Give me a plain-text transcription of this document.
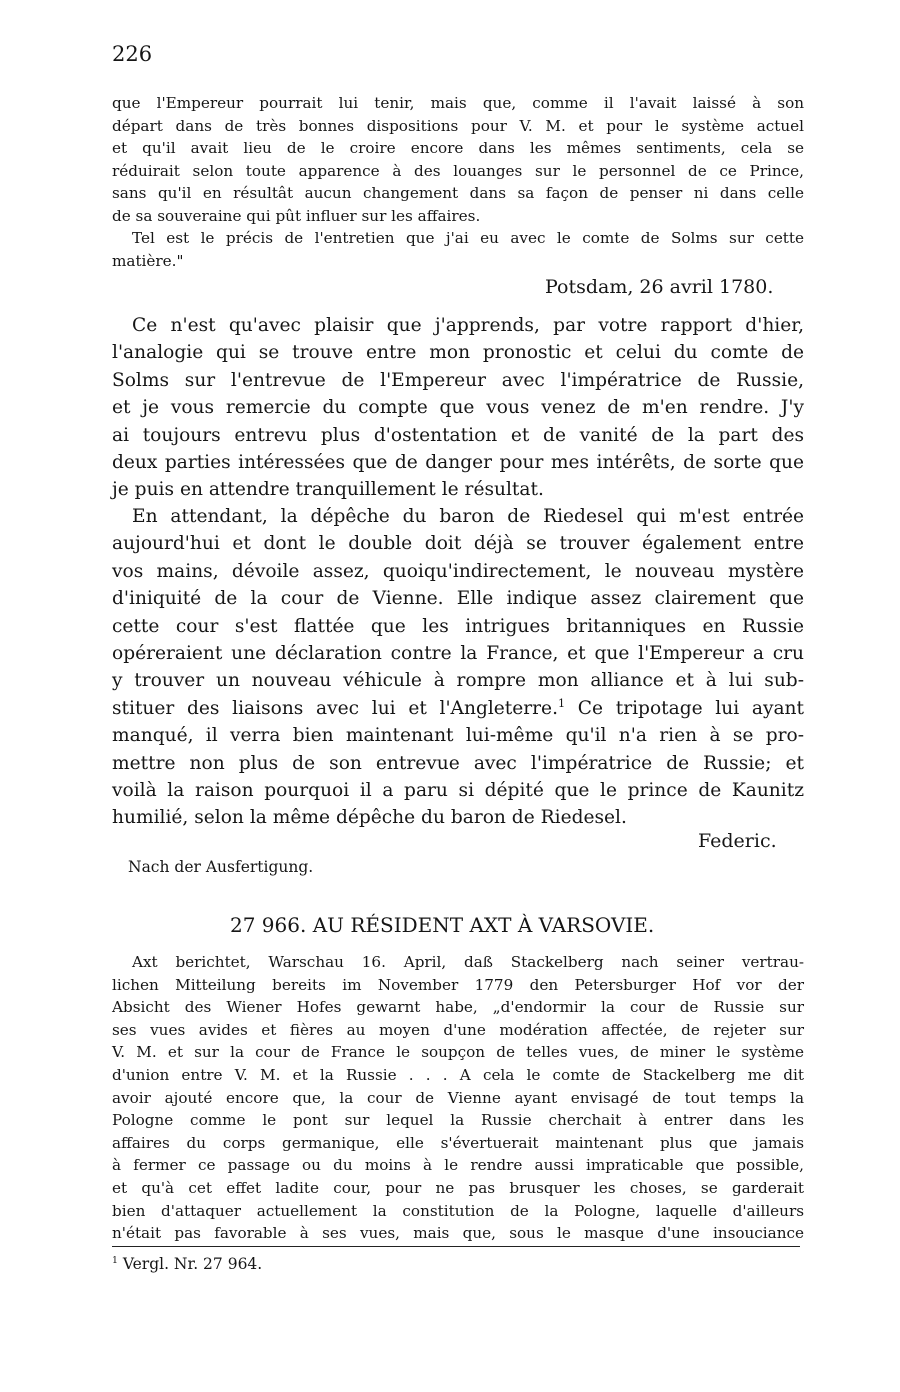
226
que l'Empereur pourrait lui tenir, mais que, comme il l'avait laissé à son
départ dans de très bonnes dispositions pour V. M. et pour le système actuel
et qu'il avait lieu de le croire encore dans les mêmes sentiments, cela se
réduirait selon toute apparence à des louanges sur le personnel de ce Prince,
sans qu'il en résultât aucun changement dans sa façon de penser ni dans celle
de sa souveraine qui pût influer sur les affaires.
Tel est le précis de l'entretien que j'ai eu avec le comte de Solms sur cette
matière."
Potsdam, 26 avril 1780.
Ce n'est qu'avec plaisir que j'apprends, par votre rapport d'hier,
l'analogie qui se trouve entre mon pronostic et celui du comte de
Solms sur l'entrevue de l'Empereur avec l'impératrice de Russie,
et je vous remercie du compte que vous venez de m'en rendre. J'y
ai toujours entrevu plus d'ostentation et de vanité de la part des
deux parties intéressées que de danger pour mes intérêts, de sorte que
je puis en attendre tranquillement le résultat.
En attendant, la dépêche du baron de Riedesel qui m'est entrée
aujourd'hui et dont le double doit déjà se trouver également entre
vos mains, dévoile assez, quoiqu'indirectement, le nouveau mystère
d'iniquité de la cour de Vienne. Elle indique assez clairement que
cette cour s'est flattée que les intrigues britanniques en Russie
opéreraient une déclaration contre la France, et que l'Empereur a cru
y trouver un nouveau véhicule à rompre mon alliance et à lui sub-
stituer des liaisons avec lui et l'Angleterre.$^1$ Ce tripotage lui ayant
manqué, il verra bien maintenant lui-même qu'il n'a rien à se pro-
mettre non plus de son entrevue avec l'impératrice de Russie; et
voilà la raison pourquoi il a paru si dépité que le prince de Kaunitz
humilié, selon la même dépêche du baron de Riedesel.
Federic.
Nach der Ausfertigung.
27 966. AU RÉSIDENT AXT À VARSOVIE.
Axt berichtet, Warschau 16. April, daß Stackelberg nach seiner vertrau-
lichen Mitteilung bereits im November 1779 den Petersburger Hof vor der
Absicht des Wiener Hofes gewarnt habe, „d'endormir la cour de Russie sur
ses vues avides et fières au moyen d'une modération affectée, de rejeter sur
V. M. et sur la cour de France le soupçon de telles vues, de miner le système
d'union entre V. M. et la Russie . . . A cela le comte de Stackelberg me dit
avoir ajouté encore que, la cour de Vienne ayant envisagé de tout temps la
Pologne comme le pont sur lequel la Russie cherchait à entrer dans les
affaires du corps germanique, elle s'évertuerait maintenant plus que jamais
à fermer ce passage ou du moins à le rendre aussi impraticable que possible,
et qu'à cet effet ladite cour, pour ne pas brusquer les choses, se garderait
bien d'attaquer actuellement la constitution de la Pologne, laquelle d'ailleurs
n'était pas favorable à ses vues, mais que, sous le masque d'une insouciance
$^1$ Vergl. Nr. 27 964.
